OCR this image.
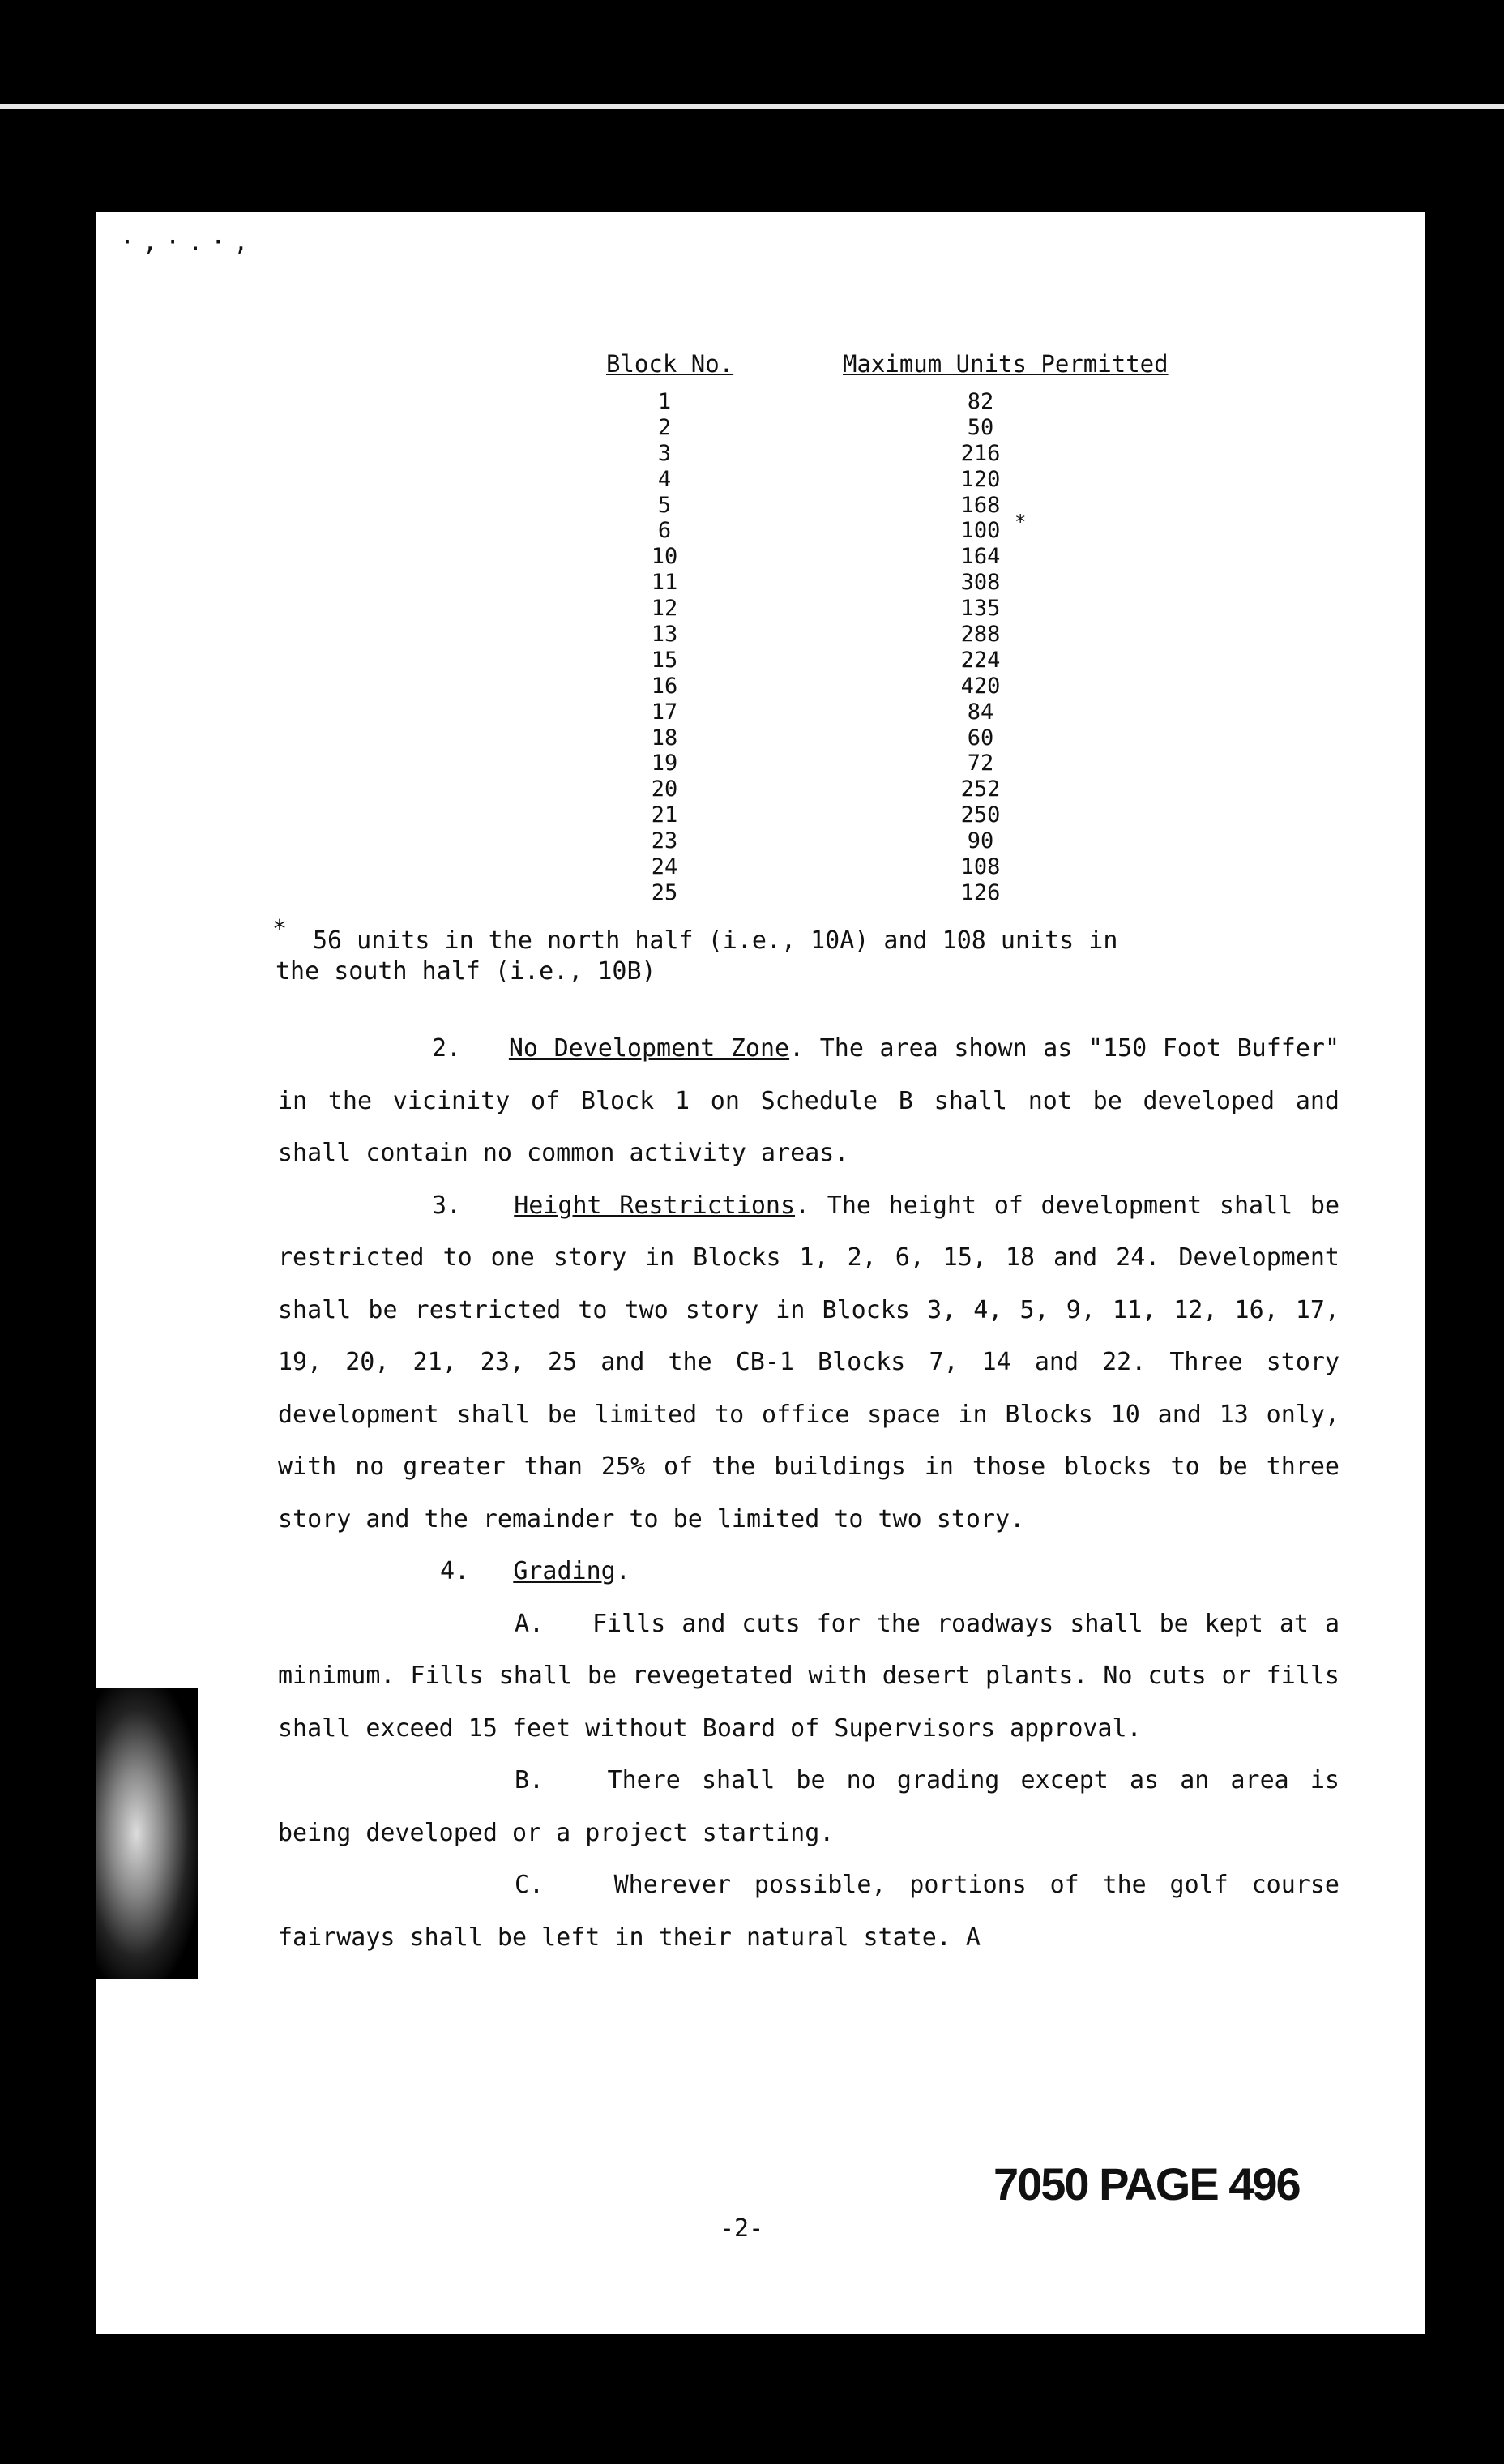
·,·.·,
Block No.	Maximum Units Permitted
1	82
2	50
3	216
4	120
5	168
6	100 *
10	164
11	308
12	135
13	288
15	224
16	420
17	84
18	60
19	72
20	252
21	250
23	90
24	108
25	126
*	56 units in the north half (i.e., 10A) and 108 units in

the south half (i.e., 10B)

2. No Development Zone. The area shown as "150 Foot Buffer" in the vicinity of Block 1 on Schedule B shall not be developed and shall contain no common activity areas.

3. Height Restrictions. The height of development shall be restricted to one story in Blocks 1, 2, 6, 15, 18 and 24. Development shall be restricted to two story in Blocks 3, 4, 5, 9, 11, 12, 16, 17, 19, 20, 21, 23, 25 and the CB-1 Blocks 7, 14 and 22. Three story development shall be limited to office space in Blocks 10 and 13 only, with no greater than 25% of the buildings in those blocks to be three story and the remainder to be limited to two story.

4. Grading.

A. Fills and cuts for the roadways shall be kept at a minimum. Fills shall be revegetated with desert plants. No cuts or fills shall exceed 15 feet without Board of Supervisors approval.

B.	There shall be no grading except as an area is being developed or a project starting.

C.	Wherever possible, portions of the golf course fairways shall be left in their natural state. A

-2-
7050 PAGE 496
